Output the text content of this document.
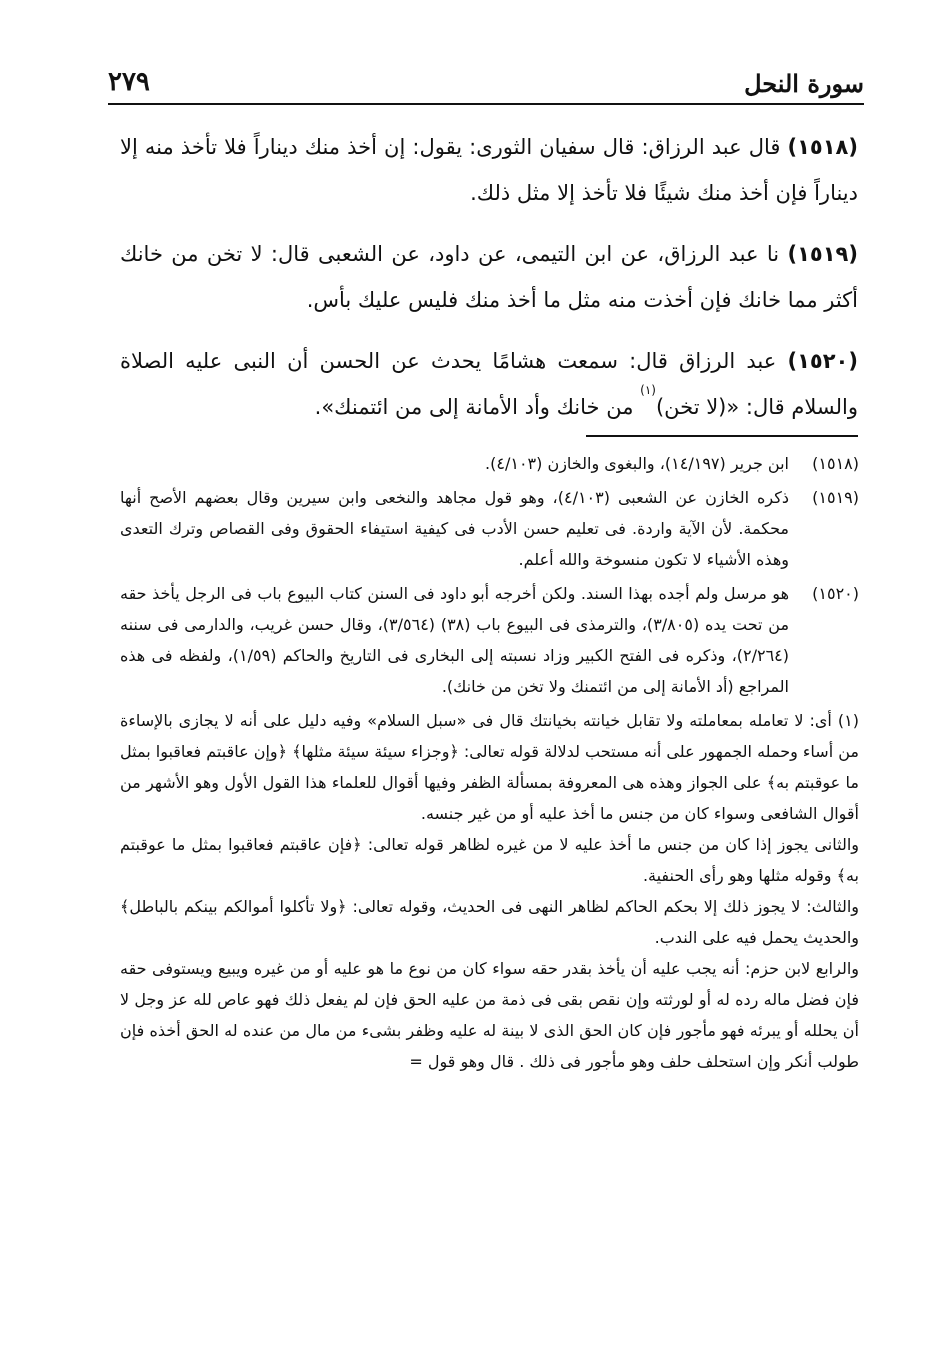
سورة النحل
٢٧٩

(١٥١٨) قال عبد الرزاق: قال سفيان الثورى: يقول: إن أخذ منك ديناراً فلا تأخذ منه إلا ديناراً فإن أخذ منك شيئًا فلا تأخذ إلا مثل ذلك.

(١٥١٩) نا عبد الرزاق، عن ابن التيمى، عن داود، عن الشعبى قال: لا تخن من خانك أكثر مما خانك فإن أخذت منه مثل ما أخذ منك فليس عليك بأس.

(١٥٢٠) عبد الرزاق قال: سمعت هشامًا يحدث عن الحسن أن النبى عليه الصلاة والسلام قال: «(لا تخن)$^{(١)}$ من خانك وأد الأمانة إلى من ائتمنك».

(١٥١٨)
ابن جرير (١٤/١٩٧)، والبغوى والخازن (٤/١٠٣).
(١٥١٩)
ذكره الخازن عن الشعبى (٤/١٠٣)، وهو قول مجاهد والنخعى وابن سيرين وقال بعضهم الأصح أنها محكمة. لأن الآية واردة. فى تعليم حسن الأدب فى كيفية استيفاء الحقوق وفى القصاص وترك التعدى وهذه الأشياء لا تكون منسوخة والله أعلم.
(١٥٢٠)
هو مرسل ولم أجده بهذا السند. ولكن أخرجه أبو داود فى السنن كتاب البيوع باب فى الرجل يأخذ حقه من تحت يده (٣/٨٠٥)، والترمذى فى البيوع باب (٣٨) (٣/٥٦٤)، وقال حسن غريب، والدارمى فى سننه (٢/٢٦٤)، وذكره فى الفتح الكبير وزاد نسبته إلى البخارى فى التاريخ والحاكم (١/٥٩)، ولفظه فى هذه المراجع (أد الأمانة إلى من ائتمنك ولا تخن من خانك).
(١) أى: لا تعامله بمعاملته ولا تقابل خيانته بخيانتك قال فى «سبل السلام» وفيه دليل على أنه لا يجازى بالإساءة من أساء وحمله الجمهور على أنه مستحب لدلالة قوله تعالى: ﴿وجزاء سيئة سيئة مثلها﴾ ﴿وإن عاقبتم فعاقبوا بمثل ما عوقبتم به﴾ على الجواز وهذه هى المعروفة بمسألة الظفر وفيها أقوال للعلماء هذا القول الأول وهو الأشهر من أقوال الشافعى وسواء كان من جنس ما أخذ عليه أو من غير جنسه.
والثانى يجوز إذا كان من جنس ما أخذ عليه لا من غيره لظاهر قوله تعالى: ﴿فإن عاقبتم فعاقبوا بمثل ما عوقبتم به﴾ وقوله مثلها وهو رأى الحنفية.
والثالث: لا يجوز ذلك إلا بحكم الحاكم لظاهر النهى فى الحديث، وقوله تعالى: ﴿ولا تأكلوا أموالكم بينكم بالباطل﴾ والحديث يحمل فيه على الندب.
والرابع لابن حزم: أنه يجب عليه أن يأخذ بقدر حقه سواء كان من نوع ما هو عليه أو من غيره ويبيع ويستوفى حقه فإن فضل ماله رده له أو لورثته وإن نقص بقى فى ذمة من عليه الحق فإن لم يفعل ذلك فهو عاص لله عز وجل لا أن يحلله أو يبرئه فهو مأجور فإن كان الحق الذى لا بينة له عليه وظفر بشىء من مال من عنده له الحق أخذه فإن طولب أنكر وإن استحلف حلف وهو مأجور فى ذلك . قال وهو قول =
